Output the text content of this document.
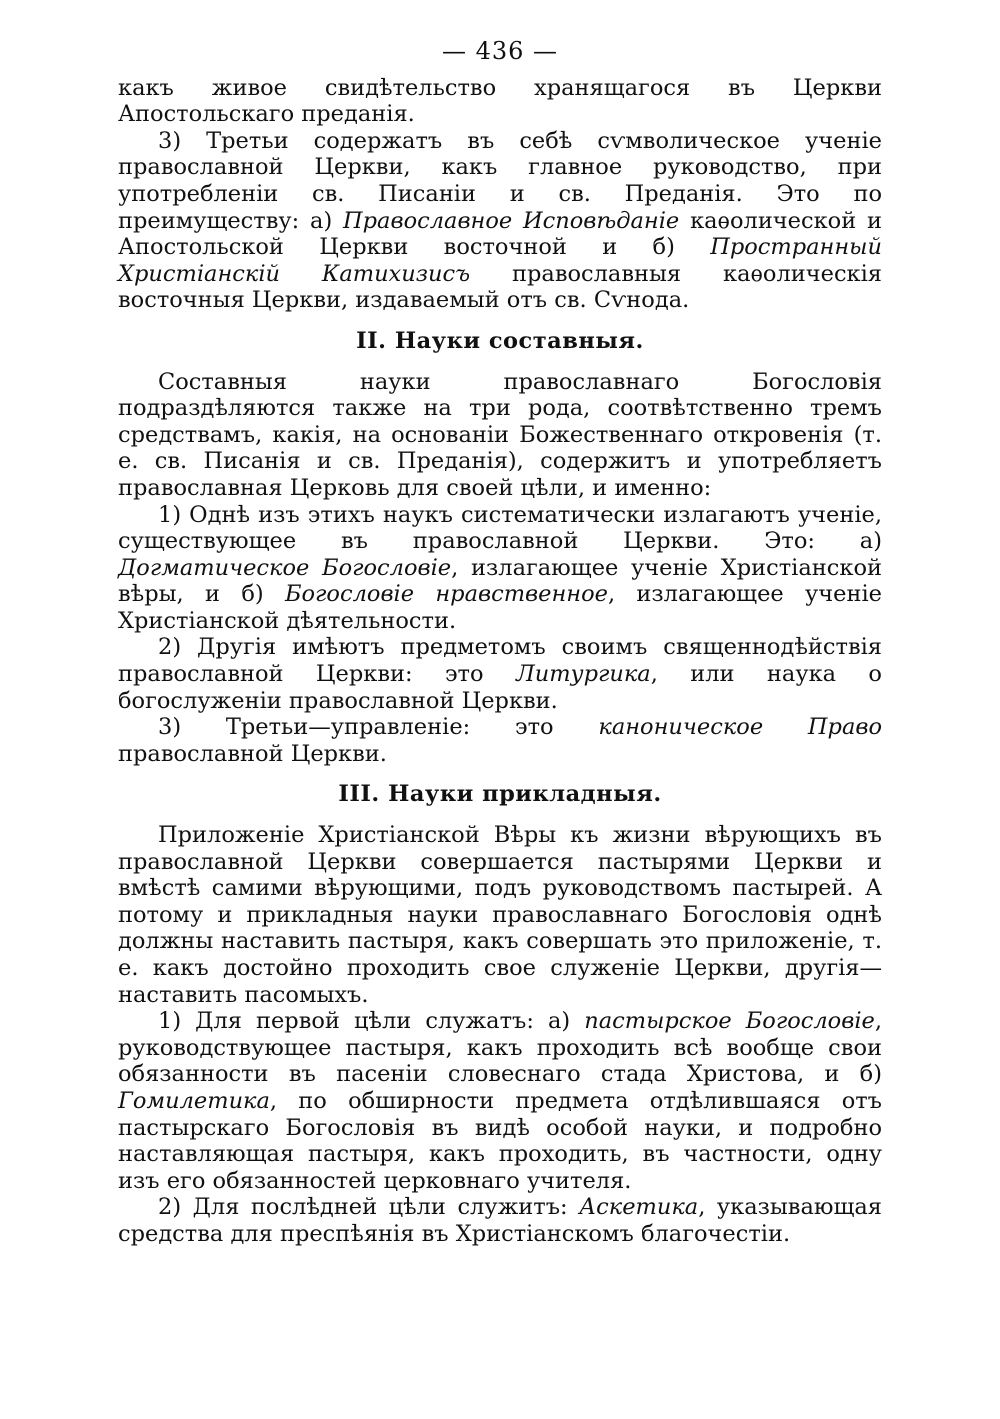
— 436 —

какъ живое свидѣтельство хранящагося въ Церкви Апостольскаго преданія.

3) Третьи содержатъ въ себѣ сѵмволическое ученіе православной Церкви, какъ главное руководство, при употребленіи св. Писаніи и св. Преданія. Это по преимуществу: а) Православное Исповѣданіе каѳолической и Апостольской Церкви восточной и б) Пространный Христіанскій Катихизисъ православныя каѳолическія восточныя Церкви, издаваемый отъ св. Сѵнода.

II. Науки составныя.

Составныя науки православнаго Богословія подраздѣляются также на три рода, соотвѣтственно тремъ средствамъ, какія, на основаніи Божественнаго откровенія (т. е. св. Писанія и св. Преданія), содержитъ и употребляетъ православная Церковь для своей цѣли, и именно:

1) Однѣ изъ этихъ наукъ систематически излагаютъ ученіе, существующее въ православной Церкви. Это: а) Догматическое Богословіе, излагающее ученіе Христіанской вѣры, и б) Богословіе нравственное, излагающее ученіе Христіанской дѣятельности.

2) Другія имѣютъ предметомъ своимъ священнодѣйствія православной Церкви: это Литургика, или наука о богослуженіи православной Церкви.

3) Третьи—управленіе: это каноническое Право православной Церкви.

III. Науки прикладныя.

Приложеніе Христіанской Вѣры къ жизни вѣрующихъ въ православной Церкви совершается пастырями Церкви и вмѣстѣ самими вѣрующими, подъ руководствомъ пастырей. А потому и прикладныя науки православнаго Богословія однѣ должны наставить пастыря, какъ совершать это приложеніе, т. е. какъ достойно проходить свое служеніе Церкви, другія—наставить пасомыхъ.

1) Для первой цѣли служатъ: а) пастырское Богословіе, руководствующее пастыря, какъ проходить всѣ вообще свои обязанности въ пасеніи словеснаго стада Христова, и б) Гомилетика, по обширности предмета отдѣлившаяся отъ пастырскаго Богословія въ видѣ особой науки, и подробно наставляющая пастыря, какъ проходить, въ частности, одну изъ его обязанностей церковнаго учителя.

2) Для послѣдней цѣли служитъ: Аскетика, указывающая средства для преспѣянія въ Христіанскомъ благочестіи.
